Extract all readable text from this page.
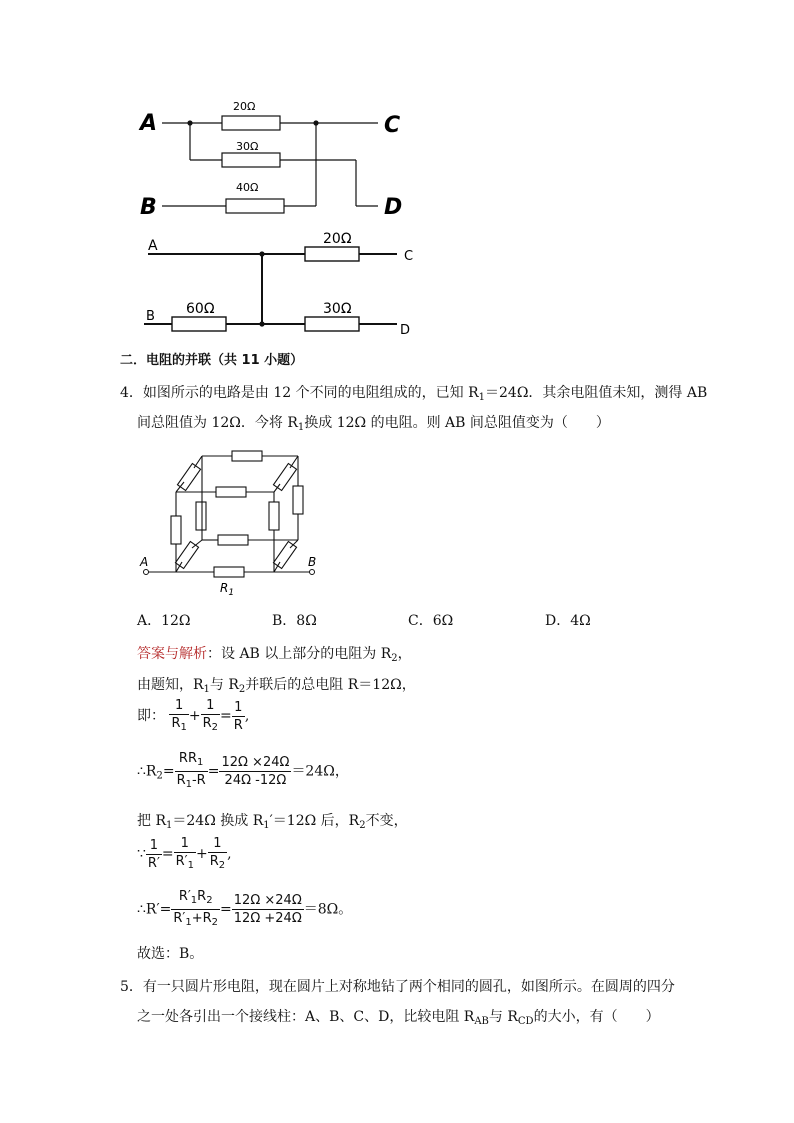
A	C
B	D
20Ω
30Ω
40Ω
A
C
B
D
20Ω
60Ω	30Ω
二．电阻的并联（共 11 小题）
4．如图所示的电路是由 12 个不同的电阻组成的，已知 $R_1=24\Omega$．其余电阻值未知，测得 AB
间总阻值为 12Ω．今将 $R_1$换成 12Ω 的电阻。则 AB 间总阻值变为（　　）
A	B
$R_1$
A．12Ω	B．8Ω	C．6Ω	D．4Ω
答案与解析：设 AB 以上部分的电阻为 $R_2$，
由题知，$R_1$与 $R_2$并联后的总电阻 R＝12Ω，
即： $\frac{1}{R_1} + \frac{1}{R_2} = \frac{1}{R}$ ,
$\therefore R_2= \frac{RR_1}{R_1-R} = \frac{12\Omega \times 24\Omega}{24\Omega -12\Omega} =24\Omega$，
把 $R_1=24\Omega$ 换成 $R_1'=12\Omega$ 后，$R_2$不变，
∵ $\frac{1}{R'} = \frac{1}{R'_1} + \frac{1}{R_2}$ ,
∴R′= $\frac{R'_1R_2}{R'_1+R_2} = \frac{12\Omega \times 24\Omega}{12\Omega +24\Omega} =8\Omega$。
故选：B。
5．有一只圆片形电阻，现在圆片上对称地钻了两个相同的圆孔，如图所示。在圆周的四分
之一处各引出一个接线柱：A、B、C、D，比较电阻 $R_{AB}$与 $R_{CD}$的大小，有（　　）
